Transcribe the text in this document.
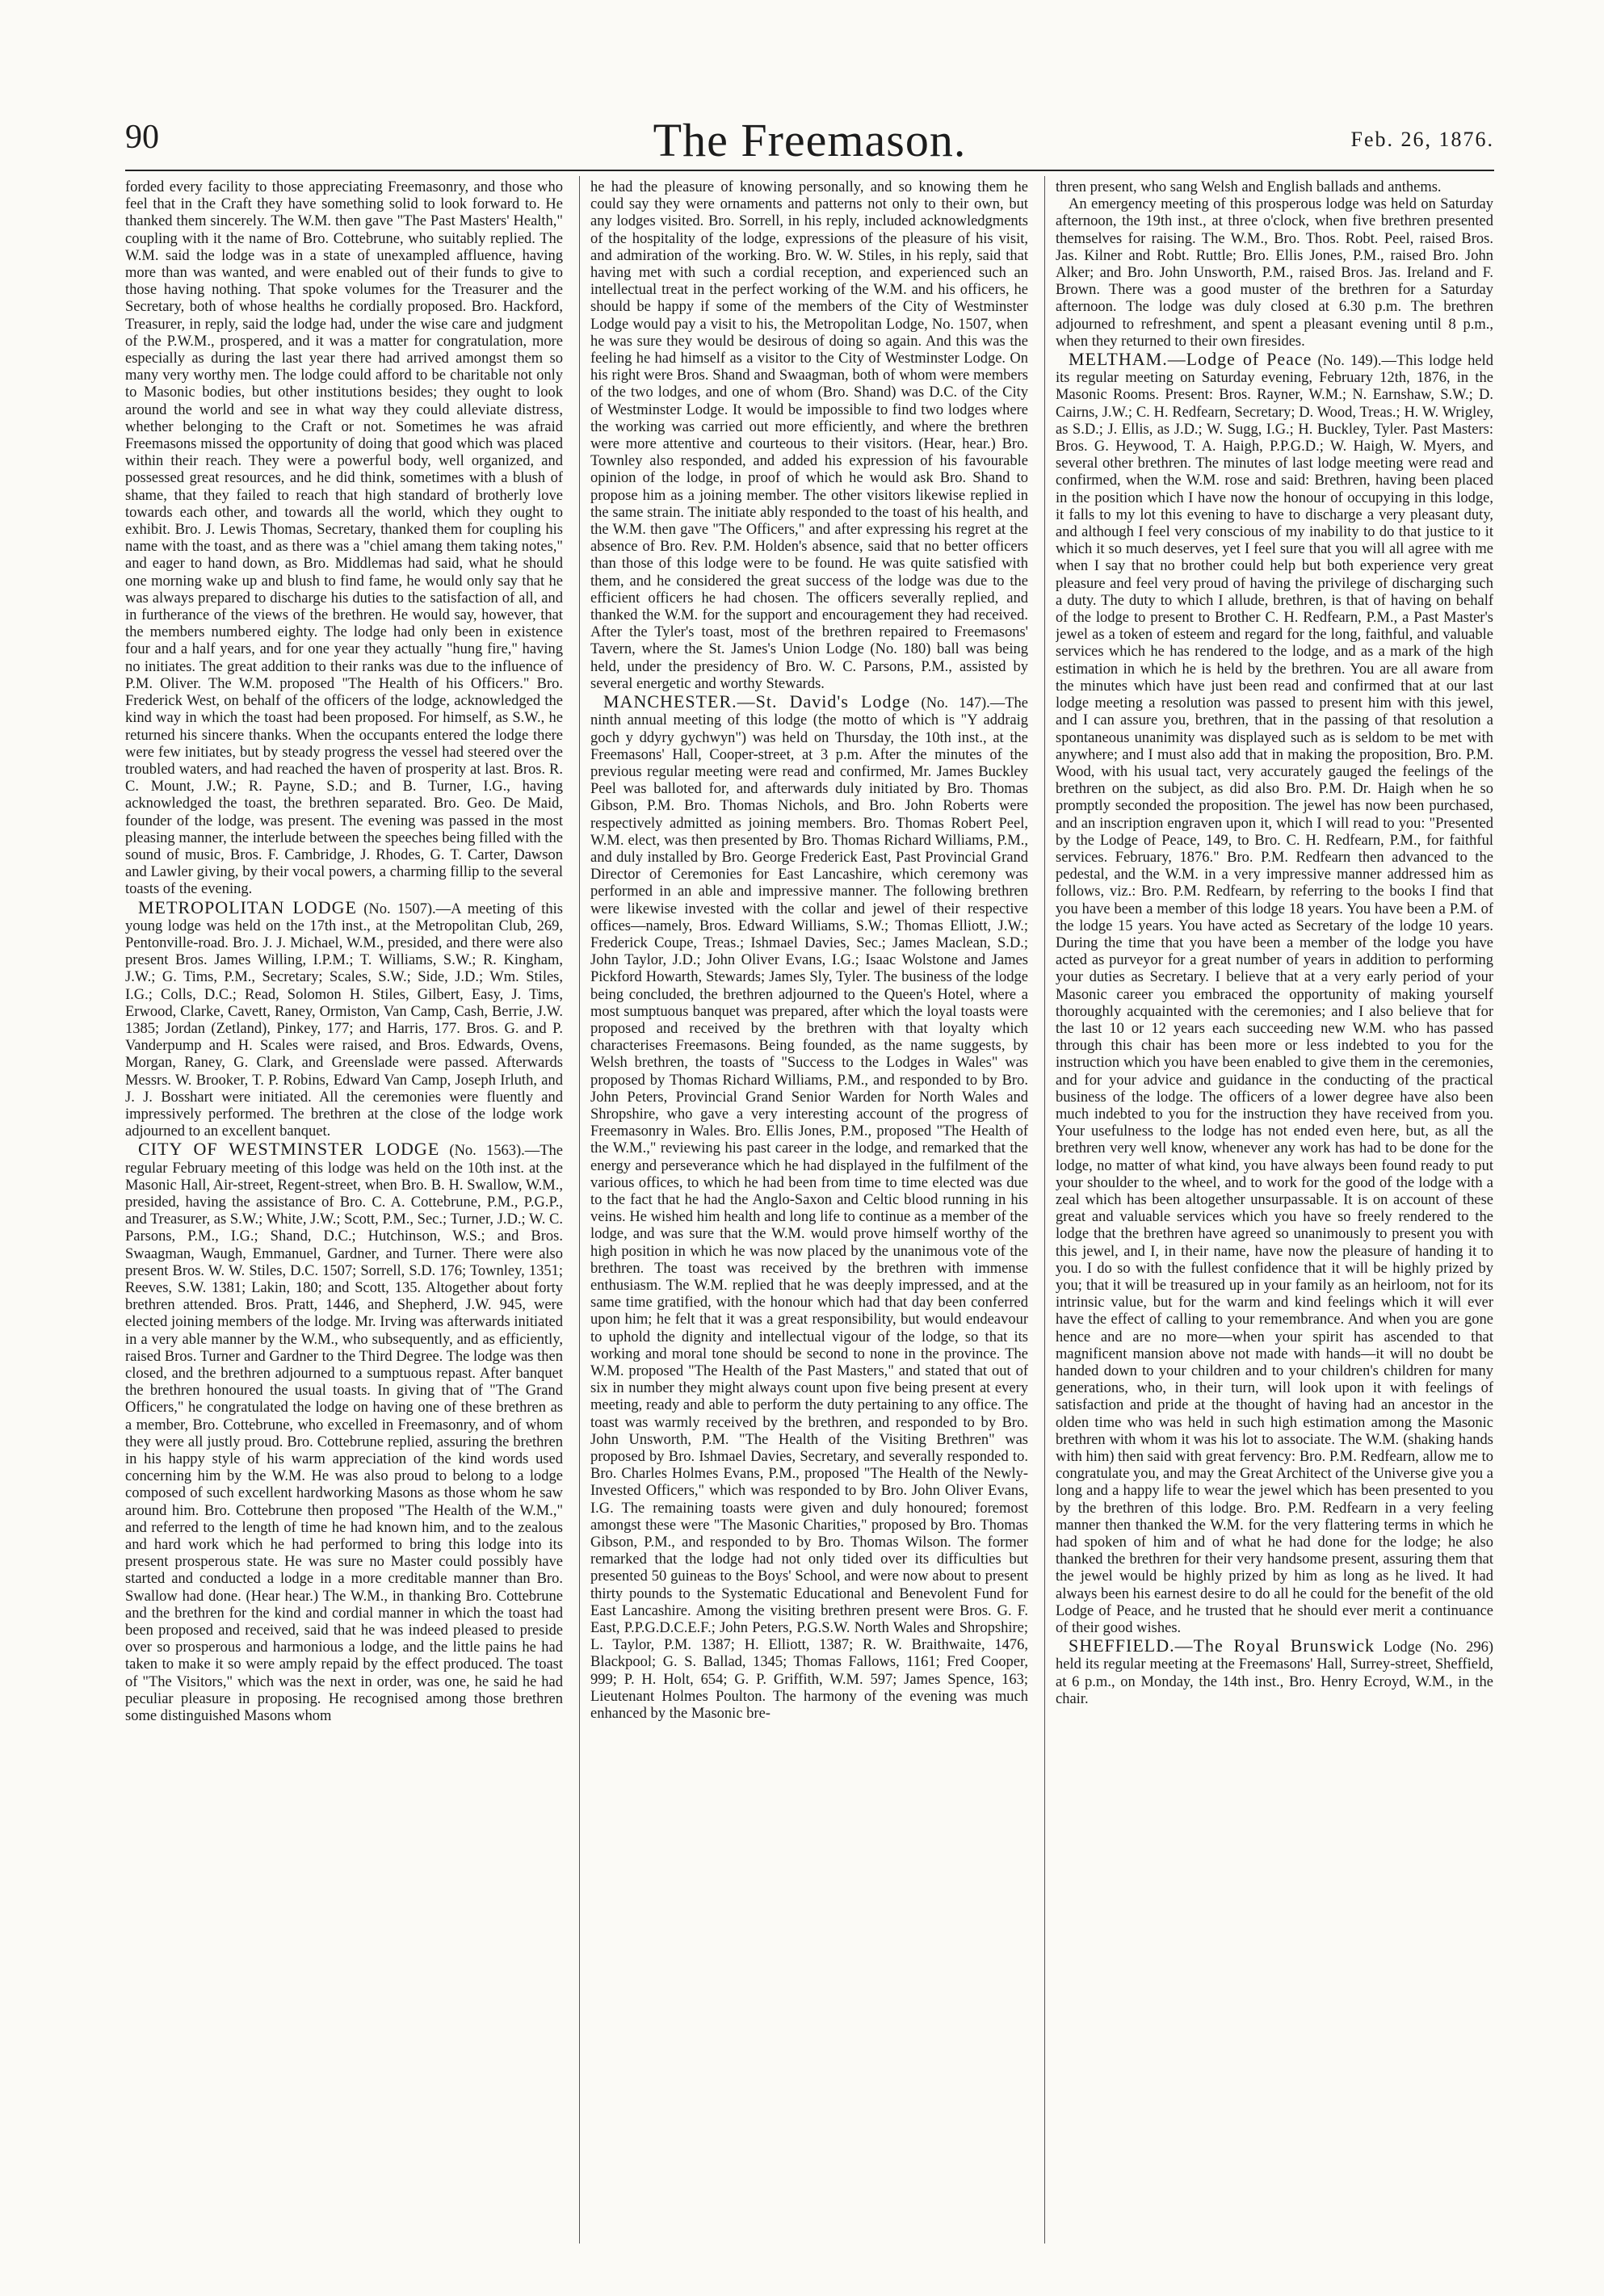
90	The Freemason.	Feb. 26, 1876.

forded every facility to those appreciating Freemasonry, and those who feel that in the Craft they have something solid to look forward to. He thanked them sincerely. The W.M. then gave "The Past Masters' Health," coupling with it the name of Bro. Cottebrune, who suitably replied. The W.M. said the lodge was in a state of unexampled affluence, having more than was wanted, and were enabled out of their funds to give to those having nothing. That spoke volumes for the Treasurer and the Secretary, both of whose healths he cordially proposed. Bro. Hackford, Treasurer, in reply, said the lodge had, under the wise care and judgment of the P.W.M., prospered, and it was a matter for congratulation, more especially as during the last year there had arrived amongst them so many very worthy men. The lodge could afford to be charitable not only to Masonic bodies, but other institutions besides; they ought to look around the world and see in what way they could alleviate distress, whether belonging to the Craft or not. Sometimes he was afraid Freemasons missed the opportunity of doing that good which was placed within their reach. They were a powerful body, well organized, and possessed great resources, and he did think, sometimes with a blush of shame, that they failed to reach that high standard of brotherly love towards each other, and towards all the world, which they ought to exhibit. Bro. J. Lewis Thomas, Secretary, thanked them for coupling his name with the toast, and as there was a "chiel amang them taking notes," and eager to hand down, as Bro. Middlemas had said, what he should one morning wake up and blush to find fame, he would only say that he was always prepared to discharge his duties to the satisfaction of all, and in furtherance of the views of the brethren. He would say, however, that the members numbered eighty. The lodge had only been in existence four and a half years, and for one year they actually "hung fire," having no initiates. The great addition to their ranks was due to the influence of P.M. Oliver. The W.M. proposed "The Health of his Officers." Bro. Frederick West, on behalf of the officers of the lodge, acknowledged the kind way in which the toast had been proposed. For himself, as S.W., he returned his sincere thanks. When the occupants entered the lodge there were few initiates, but by steady progress the vessel had steered over the troubled waters, and had reached the haven of prosperity at last. Bros. R. C. Mount, J.W.; R. Payne, S.D.; and B. Turner, I.G., having acknowledged the toast, the brethren separated. Bro. Geo. De Maid, founder of the lodge, was present. The evening was passed in the most pleasing manner, the interlude between the speeches being filled with the sound of music, Bros. F. Cambridge, J. Rhodes, G. T. Carter, Dawson and Lawler giving, by their vocal powers, a charming fillip to the several toasts of the evening.

METROPOLITAN LODGE (No. 1507).—A meeting of this young lodge was held on the 17th inst., at the Metropolitan Club, 269, Pentonville-road. Bro. J. J. Michael, W.M., presided, and there were also present Bros. James Willing, I.P.M.; T. Williams, S.W.; R. Kingham, J.W.; G. Tims, P.M., Secretary; Scales, S.W.; Side, J.D.; Wm. Stiles, I.G.; Colls, D.C.; Read, Solomon H. Stiles, Gilbert, Easy, J. Tims, Erwood, Clarke, Cavett, Raney, Ormiston, Van Camp, Cash, Berrie, J.W. 1385; Jordan (Zetland), Pinkey, 177; and Harris, 177. Bros. G. and P. Vanderpump and H. Scales were raised, and Bros. Edwards, Ovens, Morgan, Raney, G. Clark, and Greenslade were passed. Afterwards Messrs. W. Brooker, T. P. Robins, Edward Van Camp, Joseph Irluth, and J. J. Bosshart were initiated. All the ceremonies were fluently and impressively performed. The brethren at the close of the lodge work adjourned to an excellent banquet.
CITY OF WESTMINSTER LODGE (No. 1563).—The regular February meeting of this lodge was held on the 10th inst. at the Masonic Hall, Air-street, Regent-street, when Bro. B. H. Swallow, W.M., presided, having the assistance of Bro. C. A. Cottebrune, P.M., P.G.P., and Treasurer, as S.W.; White, J.W.; Scott, P.M., Sec.; Turner, J.D.; W. C. Parsons, P.M., I.G.; Shand, D.C.; Hutchinson, W.S.; and Bros. Swaagman, Waugh, Emmanuel, Gardner, and Turner. There were also present Bros. W. W. Stiles, D.C. 1507; Sorrell, S.D. 176; Townley, 1351; Reeves, S.W. 1381; Lakin, 180; and Scott, 135. Altogether about forty brethren attended. Bros. Pratt, 1446, and Shepherd, J.W. 945, were elected joining members of the lodge. Mr. Irving was afterwards initiated in a very able manner by the W.M., who subsequently, and as efficiently, raised Bros. Turner and Gardner to the Third Degree. The lodge was then closed, and the brethren adjourned to a sumptuous repast. After banquet the brethren honoured the usual toasts. In giving that of "The Grand Officers," he congratulated the lodge on having one of these brethren as a member, Bro. Cottebrune, who excelled in Freemasonry, and of whom they were all justly proud. Bro. Cottebrune replied, assuring the brethren in his happy style of his warm appreciation of the kind words used concerning him by the W.M. He was also proud to belong to a lodge composed of such excellent hardworking Masons as those whom he saw around him. Bro. Cottebrune then proposed "The Health of the W.M.," and referred to the length of time he had known him, and to the zealous and hard work which he had performed to bring this lodge into its present prosperous state. He was sure no Master could possibly have started and conducted a lodge in a more creditable manner than Bro. Swallow had done. (Hear hear.) The W.M., in thanking Bro. Cottebrune and the brethren for the kind and cordial manner in which the toast had been proposed and received, said that he was indeed pleased to preside over so prosperous and harmonious a lodge, and the little pains he had taken to make it so were amply repaid by the effect produced. The toast of "The Visitors," which was the next in order, was one, he said he had peculiar pleasure in proposing. He recognised among those brethren some distinguished Masons whom

he had the pleasure of knowing personally, and so knowing them he could say they were ornaments and patterns not only to their own, but any lodges visited. Bro. Sorrell, in his reply, included acknowledgments of the hospitality of the lodge, expressions of the pleasure of his visit, and admiration of the working. Bro. W. W. Stiles, in his reply, said that having met with such a cordial reception, and experienced such an intellectual treat in the perfect working of the W.M. and his officers, he should be happy if some of the members of the City of Westminster Lodge would pay a visit to his, the Metropolitan Lodge, No. 1507, when he was sure they would be desirous of doing so again. And this was the feeling he had himself as a visitor to the City of Westminster Lodge. On his right were Bros. Shand and Swaagman, both of whom were members of the two lodges, and one of whom (Bro. Shand) was D.C. of the City of Westminster Lodge. It would be impossible to find two lodges where the working was carried out more efficiently, and where the brethren were more attentive and courteous to their visitors. (Hear, hear.) Bro. Townley also responded, and added his expression of his favourable opinion of the lodge, in proof of which he would ask Bro. Shand to propose him as a joining member. The other visitors likewise replied in the same strain. The initiate ably responded to the toast of his health, and the W.M. then gave "The Officers," and after expressing his regret at the absence of Bro. Rev. P.M. Holden's absence, said that no better officers than those of this lodge were to be found. He was quite satisfied with them, and he considered the great success of the lodge was due to the efficient officers he had chosen. The officers severally replied, and thanked the W.M. for the support and encouragement they had received. After the Tyler's toast, most of the brethren repaired to Freemasons' Tavern, where the St. James's Union Lodge (No. 180) ball was being held, under the presidency of Bro. W. C. Parsons, P.M., assisted by several energetic and worthy Stewards.

MANCHESTER.—St. David's Lodge (No. 147).—The ninth annual meeting of this lodge (the motto of which is "Y addraig goch y ddyry gychwyn") was held on Thursday, the 10th inst., at the Freemasons' Hall, Cooper-street, at 3 p.m. After the minutes of the previous regular meeting were read and confirmed, Mr. James Buckley Peel was balloted for, and afterwards duly initiated by Bro. Thomas Gibson, P.M. Bro. Thomas Nichols, and Bro. John Roberts were respectively admitted as joining members. Bro. Thomas Robert Peel, W.M. elect, was then presented by Bro. Thomas Richard Williams, P.M., and duly installed by Bro. George Frederick East, Past Provincial Grand Director of Ceremonies for East Lancashire, which ceremony was performed in an able and impressive manner. The following brethren were likewise invested with the collar and jewel of their respective offices—namely, Bros. Edward Williams, S.W.; Thomas Elliott, J.W.; Frederick Coupe, Treas.; Ishmael Davies, Sec.; James Maclean, S.D.; John Taylor, J.D.; John Oliver Evans, I.G.; Isaac Wolstone and James Pickford Howarth, Stewards; James Sly, Tyler. The business of the lodge being concluded, the brethren adjourned to the Queen's Hotel, where a most sumptuous banquet was prepared, after which the loyal toasts were proposed and received by the brethren with that loyalty which characterises Freemasons. Being founded, as the name suggests, by Welsh brethren, the toasts of "Success to the Lodges in Wales" was proposed by Thomas Richard Williams, P.M., and responded to by Bro. John Peters, Provincial Grand Senior Warden for North Wales and Shropshire, who gave a very interesting account of the progress of Freemasonry in Wales. Bro. Ellis Jones, P.M., proposed "The Health of the W.M.," reviewing his past career in the lodge, and remarked that the energy and perseverance which he had displayed in the fulfilment of the various offices, to which he had been from time to time elected was due to the fact that he had the Anglo-Saxon and Celtic blood running in his veins. He wished him health and long life to continue as a member of the lodge, and was sure that the W.M. would prove himself worthy of the high position in which he was now placed by the unanimous vote of the brethren. The toast was received by the brethren with immense enthusiasm. The W.M. replied that he was deeply impressed, and at the same time gratified, with the honour which had that day been conferred upon him; he felt that it was a great responsibility, but would endeavour to uphold the dignity and intellectual vigour of the lodge, so that its working and moral tone should be second to none in the province. The W.M. proposed "The Health of the Past Masters," and stated that out of six in number they might always count upon five being present at every meeting, ready and able to perform the duty pertaining to any office. The toast was warmly received by the brethren, and responded to by Bro. John Unsworth, P.M. "The Health of the Visiting Brethren" was proposed by Bro. Ishmael Davies, Secretary, and severally responded to. Bro. Charles Holmes Evans, P.M., proposed "The Health of the Newly-Invested Officers," which was responded to by Bro. John Oliver Evans, I.G. The remaining toasts were given and duly honoured; foremost amongst these were "The Masonic Charities," proposed by Bro. Thomas Gibson, P.M., and responded to by Bro. Thomas Wilson. The former remarked that the lodge had not only tided over its difficulties but presented 50 guineas to the Boys' School, and were now about to present thirty pounds to the Systematic Educational and Benevolent Fund for East Lancashire. Among the visiting brethren present were Bros. G. F. East, P.P.G.D.C.E.F.; John Peters, P.G.S.W. North Wales and Shropshire; L. Taylor, P.M. 1387; H. Elliott, 1387; R. W. Braithwaite, 1476, Blackpool; G. S. Ballad, 1345; Thomas Fallows, 1161; Fred Cooper, 999; P. H. Holt, 654; G. P. Griffith, W.M. 597; James Spence, 163; Lieutenant Holmes Poulton. The harmony of the evening was much enhanced by the Masonic bre-

thren present, who sang Welsh and English ballads and anthems.

An emergency meeting of this prosperous lodge was held on Saturday afternoon, the 19th inst., at three o'clock, when five brethren presented themselves for raising. The W.M., Bro. Thos. Robt. Peel, raised Bros. Jas. Kilner and Robt. Ruttle; Bro. Ellis Jones, P.M., raised Bro. John Alker; and Bro. John Unsworth, P.M., raised Bros. Jas. Ireland and F. Brown. There was a good muster of the brethren for a Saturday afternoon. The lodge was duly closed at 6.30 p.m. The brethren adjourned to refreshment, and spent a pleasant evening until 8 p.m., when they returned to their own firesides.

MELTHAM.—Lodge of Peace (No. 149).—This lodge held its regular meeting on Saturday evening, February 12th, 1876, in the Masonic Rooms. Present: Bros. Rayner, W.M.; N. Earnshaw, S.W.; D. Cairns, J.W.; C. H. Redfearn, Secretary; D. Wood, Treas.; H. W. Wrigley, as S.D.; J. Ellis, as J.D.; W. Sugg, I.G.; H. Buckley, Tyler. Past Masters: Bros. G. Heywood, T. A. Haigh, P.P.G.D.; W. Haigh, W. Myers, and several other brethren. The minutes of last lodge meeting were read and confirmed, when the W.M. rose and said: Brethren, having been placed in the position which I have now the honour of occupying in this lodge, it falls to my lot this evening to have to discharge a very pleasant duty, and although I feel very conscious of my inability to do that justice to it which it so much deserves, yet I feel sure that you will all agree with me when I say that no brother could help but both experience very great pleasure and feel very proud of having the privilege of discharging such a duty. The duty to which I allude, brethren, is that of having on behalf of the lodge to present to Brother C. H. Redfearn, P.M., a Past Master's jewel as a token of esteem and regard for the long, faithful, and valuable services which he has rendered to the lodge, and as a mark of the high estimation in which he is held by the brethren. You are all aware from the minutes which have just been read and confirmed that at our last lodge meeting a resolution was passed to present him with this jewel, and I can assure you, brethren, that in the passing of that resolution a spontaneous unanimity was displayed such as is seldom to be met with anywhere; and I must also add that in making the proposition, Bro. P.M. Wood, with his usual tact, very accurately gauged the feelings of the brethren on the subject, as did also Bro. P.M. Dr. Haigh when he so promptly seconded the proposition. The jewel has now been purchased, and an inscription engraven upon it, which I will read to you: "Presented by the Lodge of Peace, 149, to Bro. C. H. Redfearn, P.M., for faithful services. February, 1876." Bro. P.M. Redfearn then advanced to the pedestal, and the W.M. in a very impressive manner addressed him as follows, viz.: Bro. P.M. Redfearn, by referring to the books I find that you have been a member of this lodge 18 years. You have been a P.M. of the lodge 15 years. You have acted as Secretary of the lodge 10 years. During the time that you have been a member of the lodge you have acted as purveyor for a great number of years in addition to performing your duties as Secretary. I believe that at a very early period of your Masonic career you embraced the opportunity of making yourself thoroughly acquainted with the ceremonies; and I also believe that for the last 10 or 12 years each succeeding new W.M. who has passed through this chair has been more or less indebted to you for the instruction which you have been enabled to give them in the ceremonies, and for your advice and guidance in the conducting of the practical business of the lodge. The officers of a lower degree have also been much indebted to you for the instruction they have received from you. Your usefulness to the lodge has not ended even here, but, as all the brethren very well know, whenever any work has had to be done for the lodge, no matter of what kind, you have always been found ready to put your shoulder to the wheel, and to work for the good of the lodge with a zeal which has been altogether unsurpassable. It is on account of these great and valuable services which you have so freely rendered to the lodge that the brethren have agreed so unanimously to present you with this jewel, and I, in their name, have now the pleasure of handing it to you. I do so with the fullest confidence that it will be highly prized by you; that it will be treasured up in your family as an heirloom, not for its intrinsic value, but for the warm and kind feelings which it will ever have the effect of calling to your remembrance. And when you are gone hence and are no more—when your spirit has ascended to that magnificent mansion above not made with hands—it will no doubt be handed down to your children and to your children's children for many generations, who, in their turn, will look upon it with feelings of satisfaction and pride at the thought of having had an ancestor in the olden time who was held in such high estimation among the Masonic brethren with whom it was his lot to associate. The W.M. (shaking hands with him) then said with great fervency: Bro. P.M. Redfearn, allow me to congratulate you, and may the Great Architect of the Universe give you a long and a happy life to wear the jewel which has been presented to you by the brethren of this lodge. Bro. P.M. Redfearn in a very feeling manner then thanked the W.M. for the very flattering terms in which he had spoken of him and of what he had done for the lodge; he also thanked the brethren for their very handsome present, assuring them that the jewel would be highly prized by him as long as he lived. It had always been his earnest desire to do all he could for the benefit of the old Lodge of Peace, and he trusted that he should ever merit a continuance of their good wishes.
SHEFFIELD.—The Royal Brunswick Lodge (No. 296) held its regular meeting at the Freemasons' Hall, Surrey-street, Sheffield, at 6 p.m., on Monday, the 14th inst., Bro. Henry Ecroyd, W.M., in the chair.
